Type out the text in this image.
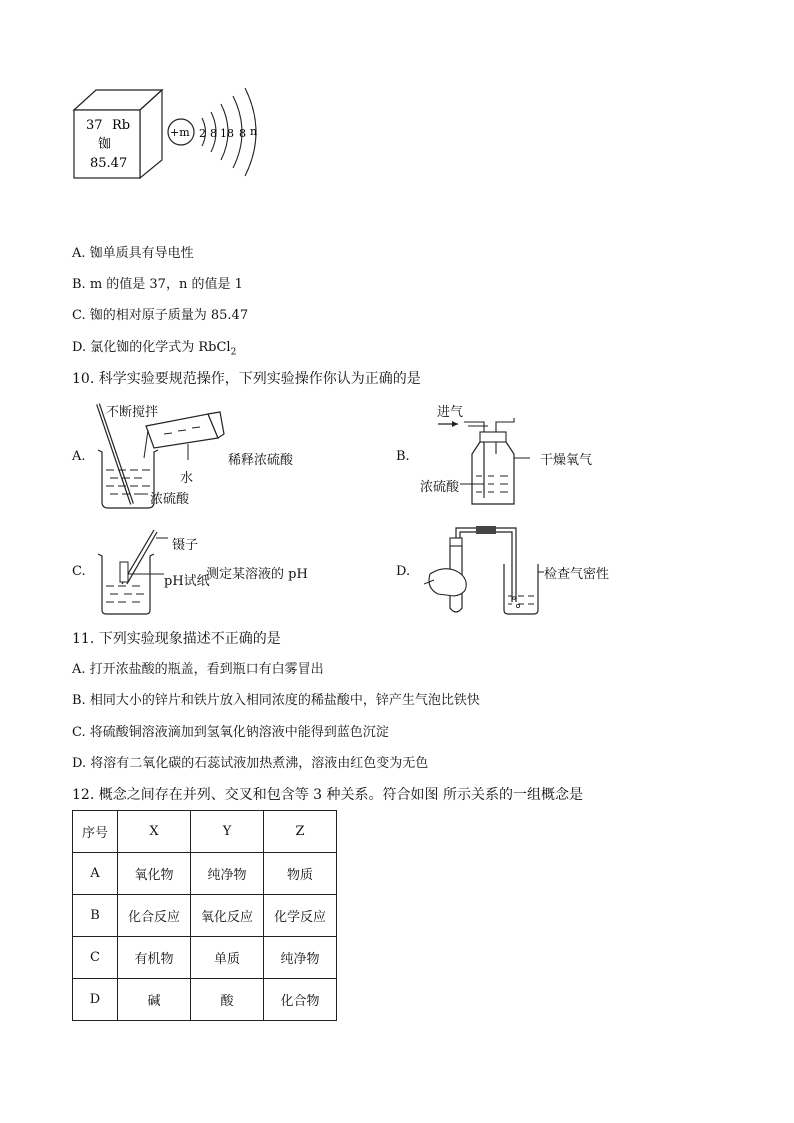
37 Rb
铷
85.47
+m 2 8 18 8 n
A. 铷单质具有导电性
B. m 的值是 37，n 的值是 1
C. 铷的相对原子质量为 85.47
D. 氯化铷的化学式为 RbCl$_2$
10. 科学实验要规范操作，下列实验操作你认为正确的是
A.
不断搅拌
稀释浓硫酸
水
浓硫酸
B.
进气
浓硫酸
干燥氧气
C.
镊子
测定某溶液的 pH
pH试纸
D.	检查气密性
11. 下列实验现象描述不正确的是
A. 打开浓盐酸的瓶盖，看到瓶口有白雾冒出
B. 相同大小的锌片和铁片放入相同浓度的稀盐酸中，锌产生气泡比铁快
C. 将硫酸铜溶液滴加到氢氧化钠溶液中能得到蓝色沉淀
D. 将溶有二氧化碳的石蕊试液加热煮沸，溶液由红色变为无色
12. 概念之间存在并列、交叉和包含等 3 种关系。符合如图 所示关系的一组概念是
序号	X	Y	Z
A	氧化物	纯净物	物质
B	化合反应	氧化反应	化学反应
C	有机物	单质	纯净物
D	碱	酸	化合物
